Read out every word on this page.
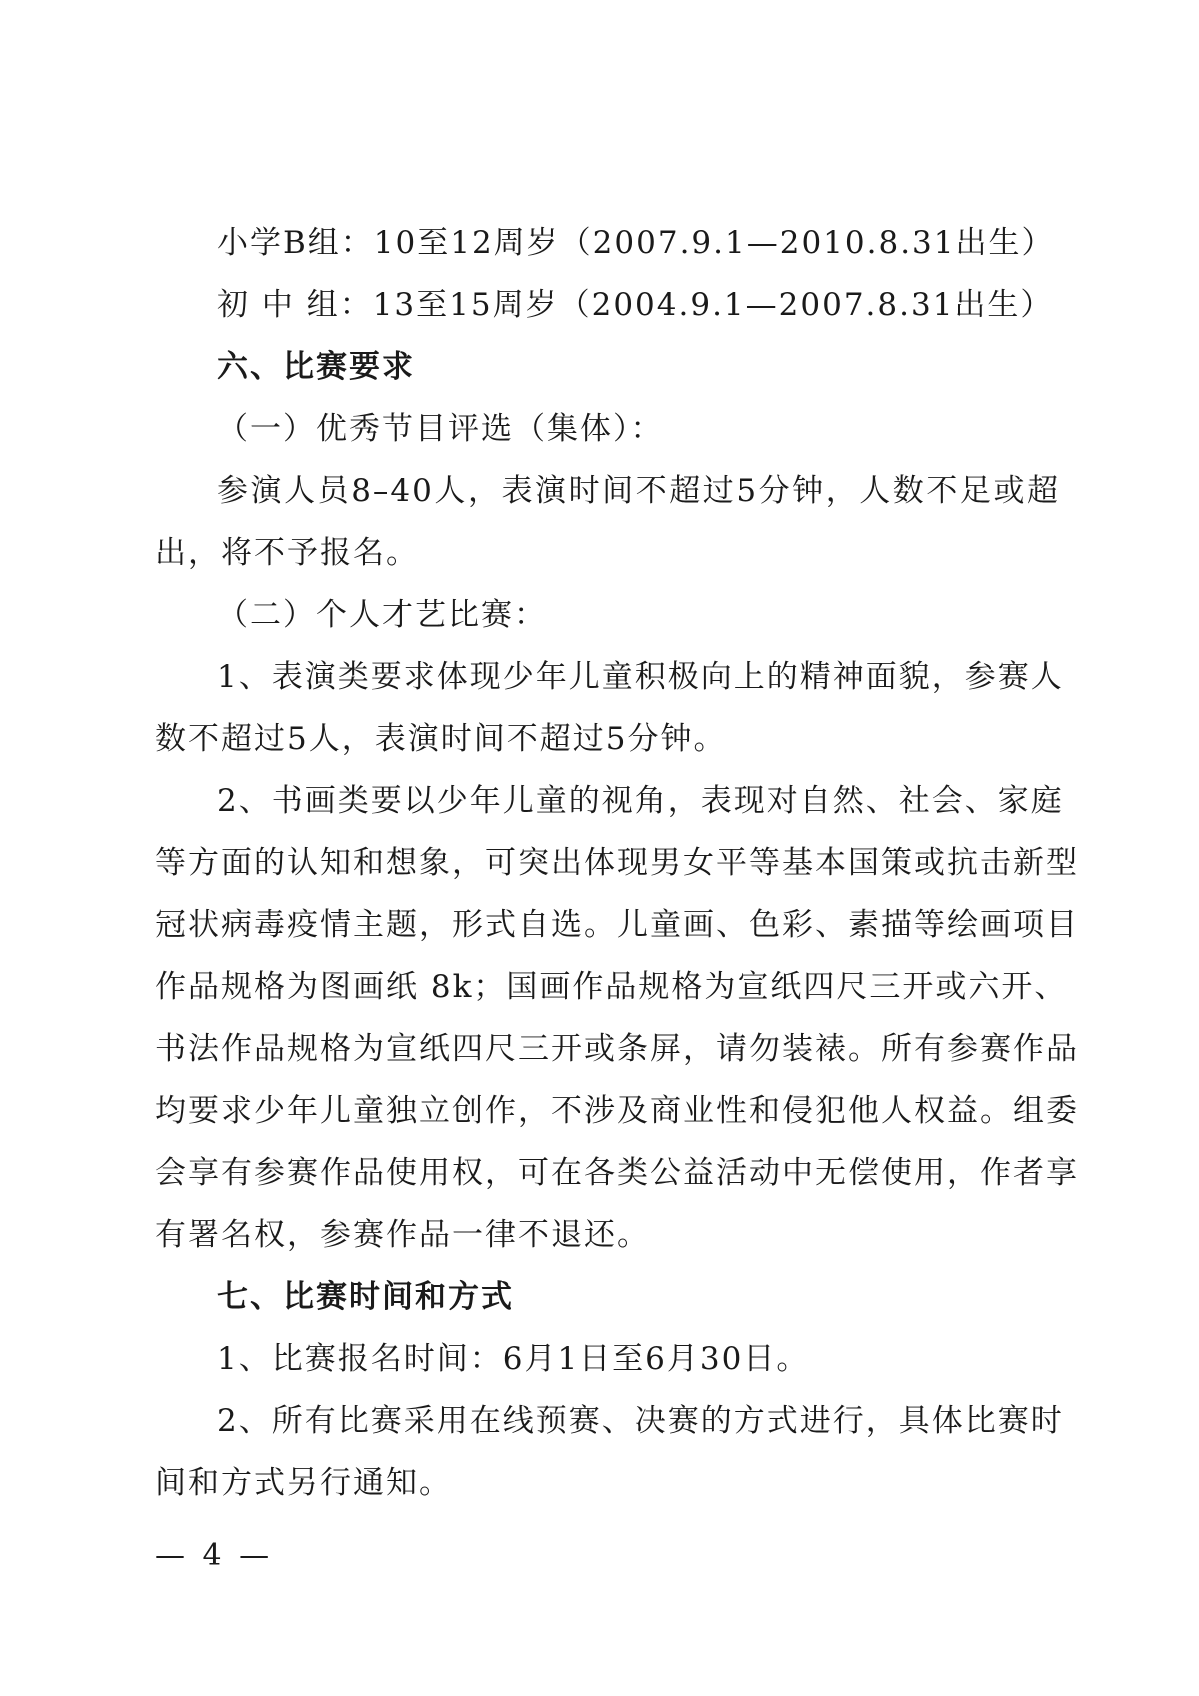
小学B组：10至12周岁（2007.9.1—2010.8.31出生）
初 中 组：13至15周岁（2004.9.1—2007.8.31出生）
六、比赛要求
（一）优秀节目评选（集体）：
参演人员8–40人，表演时间不超过5分钟，人数不足或超
出，将不予报名。
（二）个人才艺比赛：
1、表演类要求体现少年儿童积极向上的精神面貌，参赛人
数不超过5人，表演时间不超过5分钟。
2、书画类要以少年儿童的视角，表现对自然、社会、家庭
等方面的认知和想象，可突出体现男女平等基本国策或抗击新型
冠状病毒疫情主题，形式自选。儿童画、色彩、素描等绘画项目
作品规格为图画纸 8k；国画作品规格为宣纸四尺三开或六开、
书法作品规格为宣纸四尺三开或条屏，请勿装裱。所有参赛作品
均要求少年儿童独立创作，不涉及商业性和侵犯他人权益。组委
会享有参赛作品使用权，可在各类公益活动中无偿使用，作者享
有署名权，参赛作品一律不退还。
七、比赛时间和方式
1、比赛报名时间：6月1日至6月30日。
2、所有比赛采用在线预赛、决赛的方式进行，具体比赛时
间和方式另行通知。
— 4 —
